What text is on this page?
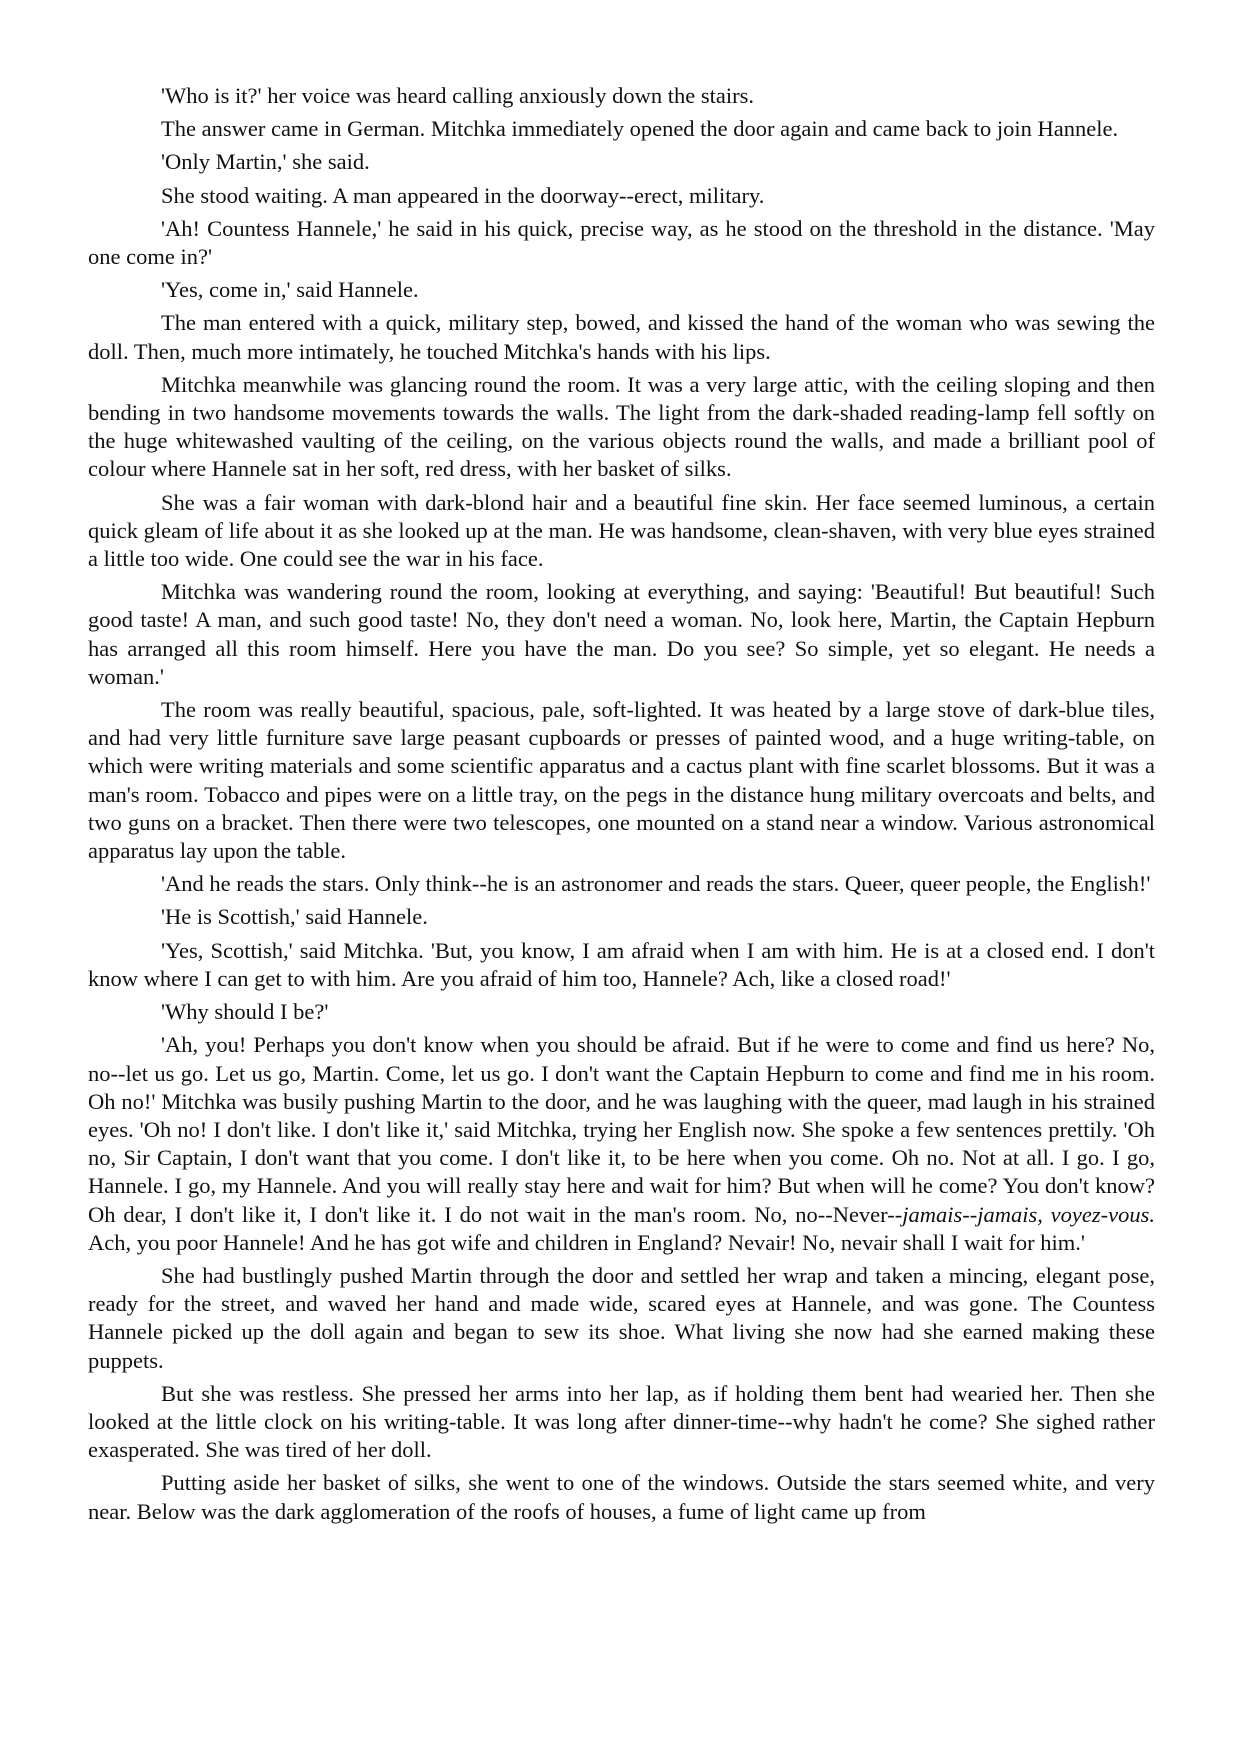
'Who is it?' her voice was heard calling anxiously down the stairs.

The answer came in German. Mitchka immediately opened the door again and came back to join Hannele.

'Only Martin,' she said.

She stood waiting. A man appeared in the doorway--erect, military.

'Ah! Countess Hannele,' he said in his quick, precise way, as he stood on the threshold in the distance. 'May one come in?'

'Yes, come in,' said Hannele.

The man entered with a quick, military step, bowed, and kissed the hand of the woman who was sewing the doll. Then, much more intimately, he touched Mitchka's hands with his lips.

Mitchka meanwhile was glancing round the room. It was a very large attic, with the ceiling sloping and then bending in two handsome movements towards the walls. The light from the dark-shaded reading-lamp fell softly on the huge whitewashed vaulting of the ceiling, on the various objects round the walls, and made a brilliant pool of colour where Hannele sat in her soft, red dress, with her basket of silks.

She was a fair woman with dark-blond hair and a beautiful fine skin. Her face seemed luminous, a certain quick gleam of life about it as she looked up at the man. He was handsome, clean-shaven, with very blue eyes strained a little too wide. One could see the war in his face.

Mitchka was wandering round the room, looking at everything, and saying: 'Beautiful! But beautiful! Such good taste! A man, and such good taste! No, they don't need a woman. No, look here, Martin, the Captain Hepburn has arranged all this room himself. Here you have the man. Do you see? So simple, yet so elegant. He needs a woman.'

The room was really beautiful, spacious, pale, soft-lighted. It was heated by a large stove of dark-blue tiles, and had very little furniture save large peasant cupboards or presses of painted wood, and a huge writing-table, on which were writing materials and some scientific apparatus and a cactus plant with fine scarlet blossoms. But it was a man's room. Tobacco and pipes were on a little tray, on the pegs in the distance hung military overcoats and belts, and two guns on a bracket. Then there were two telescopes, one mounted on a stand near a window. Various astronomical apparatus lay upon the table.

'And he reads the stars. Only think--he is an astronomer and reads the stars. Queer, queer people, the English!'

'He is Scottish,' said Hannele.

'Yes, Scottish,' said Mitchka. 'But, you know, I am afraid when I am with him. He is at a closed end. I don't know where I can get to with him. Are you afraid of him too, Hannele? Ach, like a closed road!'

'Why should I be?'

'Ah, you! Perhaps you don't know when you should be afraid. But if he were to come and find us here? No, no--let us go. Let us go, Martin. Come, let us go. I don't want the Captain Hepburn to come and find me in his room. Oh no!' Mitchka was busily pushing Martin to the door, and he was laughing with the queer, mad laugh in his strained eyes. 'Oh no! I don't like. I don't like it,' said Mitchka, trying her English now. She spoke a few sentences prettily. 'Oh no, Sir Captain, I don't want that you come. I don't like it, to be here when you come. Oh no. Not at all. I go. I go, Hannele. I go, my Hannele. And you will really stay here and wait for him? But when will he come? You don't know? Oh dear, I don't like it, I don't like it. I do not wait in the man's room. No, no--Never--jamais--jamais, voyez-vous. Ach, you poor Hannele! And he has got wife and children in England? Nevair! No, nevair shall I wait for him.'

She had bustlingly pushed Martin through the door and settled her wrap and taken a mincing, elegant pose, ready for the street, and waved her hand and made wide, scared eyes at Hannele, and was gone. The Countess Hannele picked up the doll again and began to sew its shoe. What living she now had she earned making these puppets.

But she was restless. She pressed her arms into her lap, as if holding them bent had wearied her. Then she looked at the little clock on his writing-table. It was long after dinner-time--why hadn't he come? She sighed rather exasperated. She was tired of her doll.

Putting aside her basket of silks, she went to one of the windows. Outside the stars seemed white, and very near. Below was the dark agglomeration of the roofs of houses, a fume of light came up from
